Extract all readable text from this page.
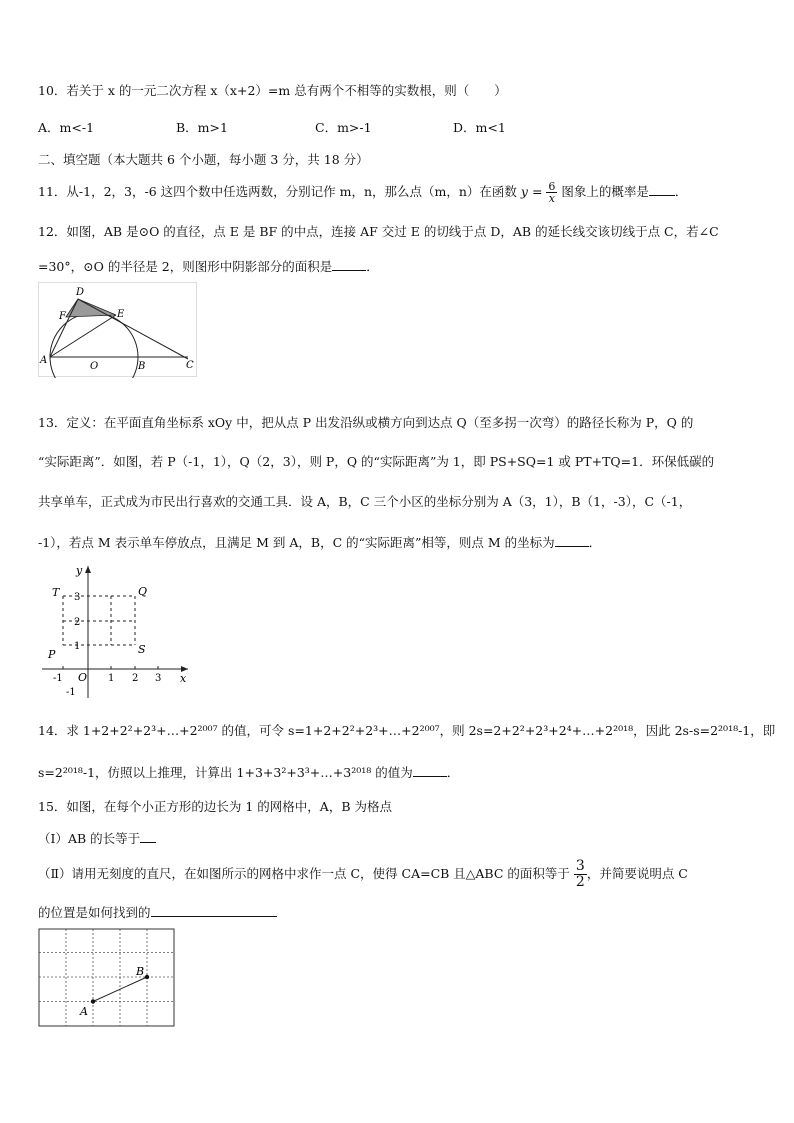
10．若关于 x 的一元二次方程 x（x+2）=m 总有两个不相等的实数根，则（　　）
A．m<-1	B．m>1	C．m>-1	D．m<1
二、填空题（本大题共 6 个小题，每小题 3 分，共 18 分）
11．从-1，2，3，-6 这四个数中任选两数，分别记作 m，n，那么点（m，n）在函数 $y = \frac{6}{x}$ 图象上的概率是 ．
12．如图，AB 是⊙O 的直径，点 E 是 BF 的中点，连接 AF 交过 E 的切线于点 D，AB 的延长线交该切线于点 C，若∠C
=30°，⊙O 的半径是 2，则图形中阴影部分的面积是	．
D
E
F
A
O	B	C
13．定义：在平面直角坐标系 xOy 中，把从点 P 出发沿纵或横方向到达点 Q（至多拐一次弯）的路径长称为 P，Q 的
“实际距离”．如图，若 P（-1，1），Q（2，3），则 P，Q 的“实际距离”为 1，即 PS+SQ=1 或 PT+TQ=1．环保低碳的
共享单车，正式成为市民出行喜欢的交通工具．设 A，B，C 三个小区的坐标分别为 A（3，1），B（1，-3），C（-1，
-1），若点 M 表示单车停放点，且满足 M 到 A，B，C 的“实际距离”相等，则点 M 的坐标为	．
y
x
O
T	Q
P	S
3
2
1
-1
-1	1 2 3
14．求 1+2+2²+2³+…+2²⁰⁰⁷ 的值，可令 s=1+2+2²+2³+…+2²⁰⁰⁷，则 2s=2+2²+2³+2⁴+…+2²⁰¹⁸，因此 2s-s=2²⁰¹⁸-1，即
s=2²⁰¹⁸-1，仿照以上推理，计算出 1+3+3²+3³+…+3²⁰¹⁸ 的值为	．
15．如图，在每个小正方形的边长为 1 的网格中，A，B 为格点
（Ⅰ）AB 的长等于
（Ⅱ）请用无刻度的直尺，在如图所示的网格中求作一点 C，使得 CA=CB 且△ABC 的面积等于 $\frac{3}{2}$ ，并简要说明点 C
的位置是如何找到的
A
B
